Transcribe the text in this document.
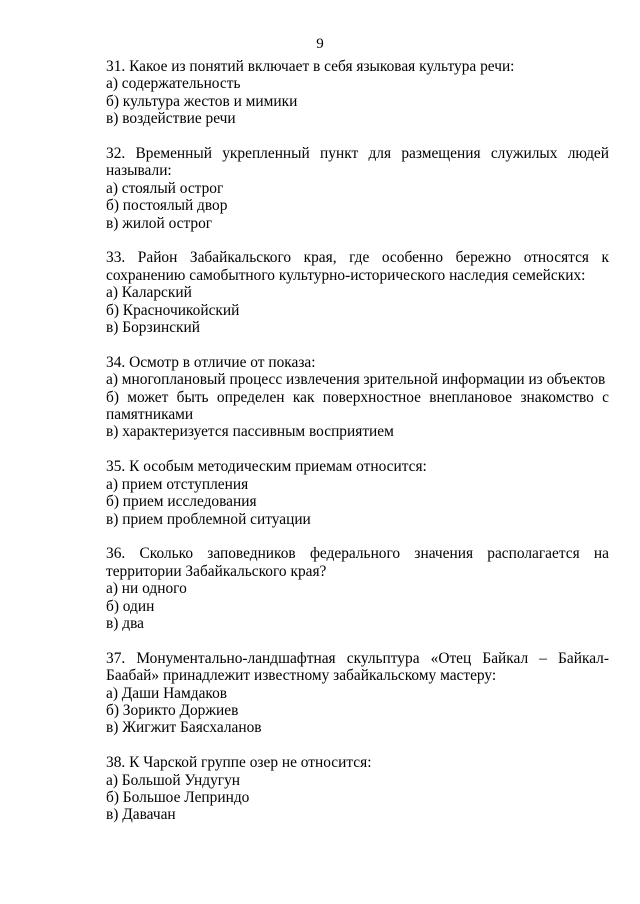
9

31. Какое из понятий включает в себя языковая культура речи:

а) содержательность

б) культура жестов и мимики

в) воздействие речи

32. Временный укрепленный пункт для размещения служилых людей называли:

а) стоялый острог

б) постоялый двор

в) жилой острог

33. Район Забайкальского края, где особенно бережно относятся к сохранению самобытного культурно-исторического наследия семейских:

а) Каларский

б) Красночикойский

в) Борзинский

34. Осмотр в отличие от показа:

а) многоплановый процесс извлечения зрительной информации из объектов

б) может быть определен как поверхностное внеплановое знакомство с памятниками

в) характеризуется пассивным восприятием

35. К особым методическим приемам относится:

а) прием отступления

б) прием исследования

в) прием проблемной ситуации

36. Сколько заповедников федерального значения располагается на территории Забайкальского края?

а) ни одного

б) один

в) два

37. Монументально-ландшафтная скульптура «Отец Байкал – Байкал-Баабай» принадлежит известному забайкальскому мастеру:

а) Даши Намдаков

б) Зорикто Доржиев

в) Жигжит Баясхаланов

38. К Чарской группе озер не относится:

а) Большой Ундугун

б) Большое Леприндо

в) Давачан
